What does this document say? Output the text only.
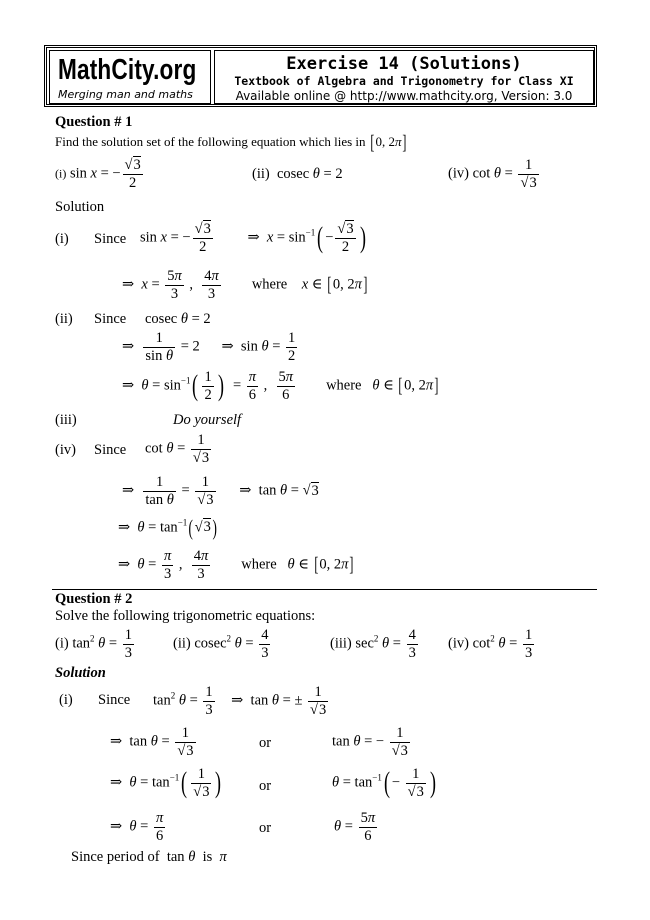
MathCity.org
Merging man and maths
Exercise 14 (Solutions)
Textbook of Algebra and Trigonometry for Class XI
Available online @ http://www.mathcity.org, Version: 3.0
Question # 1
Find the solution set of the following equation which lies in [0, 2π]
(i) sin x = − $\frac{√3}{2}$	(ii)  cosec θ = 2	(iv) $\cot \theta = \frac{1}{√3}$
Solution
(i) Since sin x = − $\frac{√3}{2}$ ⇒  $x = \sin^{-1}( - \frac{√3}{2}$ )
⇒  $x = \frac{5\pi}{3}$ , $\frac{4\pi}{3}$ where x ∈ [0, 2π]
(ii) Since cosec θ = 2
⇒ $\frac{1}{\text{sin θ}} = 2$      ⇒  $\sin \theta = \frac{1}{2}$
⇒  $\theta = \sin^{-1}( \frac{1}{2}$ )  = $\frac{\pi}{6}$ , $\frac{5\pi}{6}$ where θ ∈ [0, 2π]
(iii)	Do yourself
(iv) Since $\cot \theta = \frac{1}{√3}$
⇒ $\frac{1}{\text{tan θ}} = \frac{1}{√3}$ ⇒  tan θ = √3
⇒  $\theta = \tan^{-1}(√3)$
⇒  $\theta = \frac{\pi}{3}$ , $\frac{4\pi}{3}$ where θ ∈ [0, 2π]
Question # 2
Solve the following trigonometric equations:
(i) $\tan^2 \theta = \frac{1}{3}$	(ii) cosec$^2$ $\theta = \frac{4}{3}$	(iii) $\sec^2 \theta = \frac{4}{3} (iv)$ $\cot^2 \theta = \frac{1}{3}$
Solution
(i) Since $\tan^2 \theta = \frac{1}{3}$ ⇒  tan θ = ± $\frac{1}{√3}$
⇒  $\tan \theta = \frac{1}{√3}$	or	tan θ = − $\frac{1}{√3}$
⇒  $\theta = \tan^{-1}( \frac{1}{√3}$ )	or	$\theta = \tan^{-1}( - \frac{1}{√3}$ )
⇒  $\theta = \frac{\pi}{6}$	or	$\theta = \frac{5\pi}{6}$
Since period of  tan θ is π
